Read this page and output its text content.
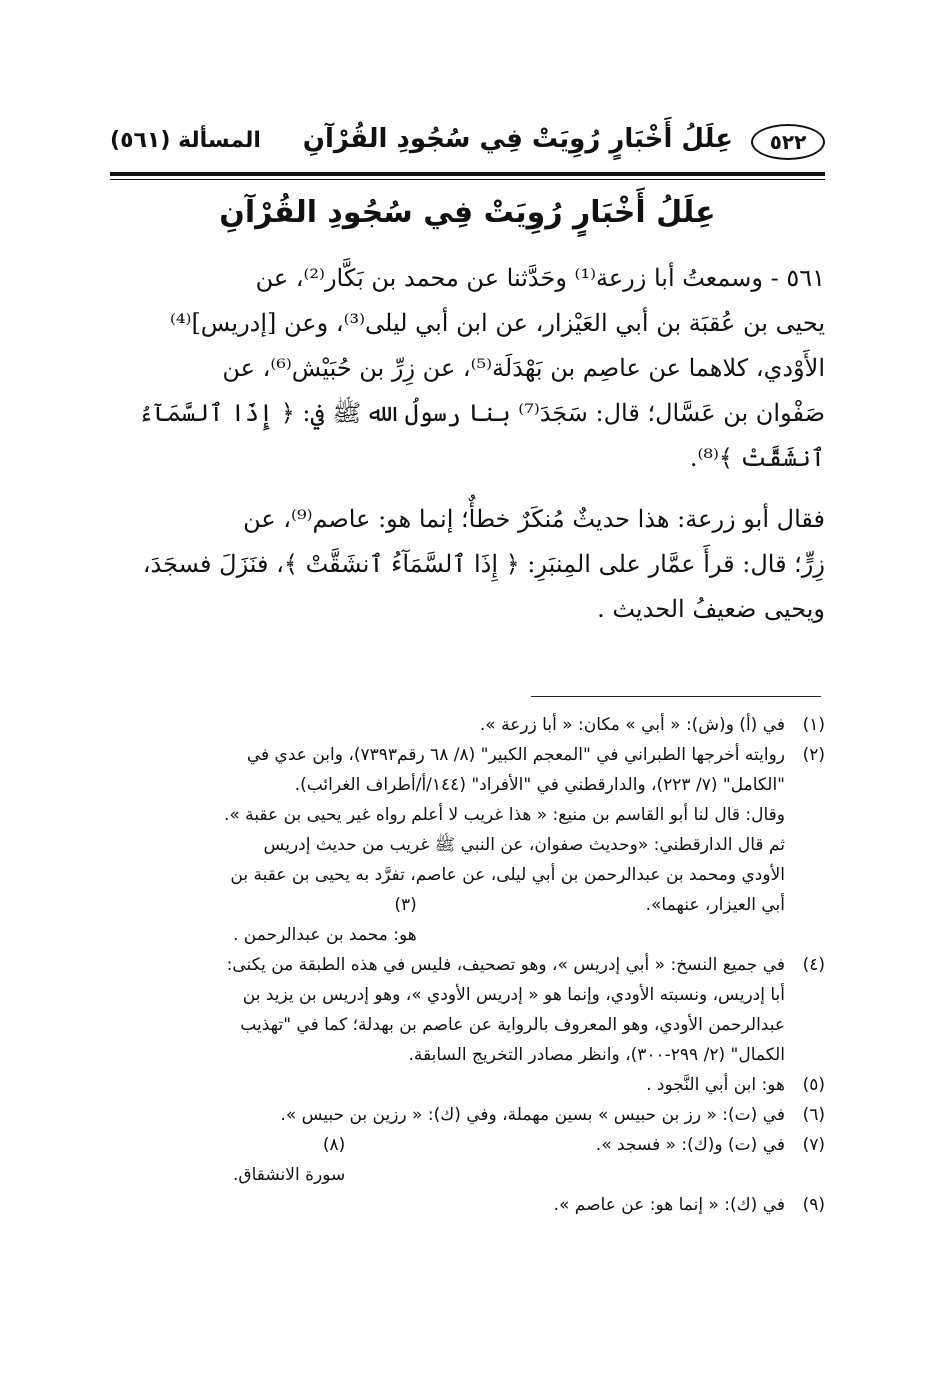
٥٢٢
عِلَلُ أَخْبَارٍ رُوِيَتْ فِي سُجُودِ القُرْآنِ
المسألة (٥٦١)
عِلَلُ أَخْبَارٍ رُوِيَتْ فِي سُجُودِ القُرْآنِ

٥٦١ - وسمعتُ أبا زرعة⁽¹⁾ وحَدَّثنا عن محمد بن بَكَّار⁽²⁾، عن
يحيى بن عُقبَة بن أبي العَيْزار، عن ابن أبي ليلى⁽³⁾، وعن [إدريس]⁽⁴⁾
الأَوْدي، كلاهما عن عاصِم بن بَهْدَلَة⁽⁵⁾، عن زِرِّ بن حُبَيْش⁽⁶⁾، عن
صَفْوان بن عَسَّال؛ قال: سَجَدَ⁽⁷⁾ بنا رسولُ الله ﷺ في: ﴿ إِذَا ٱلسَّمَآءُ
ٱنشَقَّتْ ﴾⁽⁸⁾.

فقال أبو زرعة: هذا حديثٌ مُنكَرٌ خطأٌ؛ إنما هو: عاصم⁽⁹⁾، عن
زِرٍّ؛ قال: قرأَ عمَّار على المِنبَرِ: ﴿ إِذَا ٱلسَّمَآءُ ٱنشَقَّتْ ﴾، فنَزَلَ فسجَدَ،
ويحيى ضعيفُ الحديث .

(١)
في (أ) و(ش): « أبي » مكان: « أبا زرعة ».
(٢)
روايته أخرجها الطبراني في "المعجم الكبير" (٨/ ٦٨ رقم٧٣٩٣)، وابن عدي في
"الكامل" (٧/ ٢٢٣)، والدارقطني في "الأفراد" (١٤٤/أ/أطراف الغرائب).
وقال: قال لنا أبو القاسم بن منيع: « هذا غريب لا أعلم رواه غير يحيى بن عقبة ».
ثم قال الدارقطني: «وحديث صفوان، عن النبي ﷺ غريب من حديث إدريس
الأودي ومحمد بن عبدالرحمن بن أبي ليلى، عن عاصم، تفرَّد به يحيى بن عقبة بن
أبي العيزار، عنهما».
(٣)
هو: محمد بن عبدالرحمن .
(٤)
في جميع النسخ: « أبي إدريس »، وهو تصحيف، فليس في هذه الطبقة من يكنى:
أبا إدريس، ونسبته الأودي، وإنما هو « إدريس الأودي »، وهو إدريس بن يزيد بن
عبدالرحمن الأودي، وهو المعروف بالرواية عن عاصم بن بهدلة؛ كما في "تهذيب
الكمال" (٢/ ٢٩٩-٣٠٠)، وانظر مصادر التخريج السابقة.
(٥)
هو: ابن أبي النَّجود .
(٦)
في (ت): « رز بن حبيس » بسين مهملة، وفي (ك): « رزين بن حبيس ».
(٧)
في (ت) و(ك): « فسجد ».
(٨)
سورة الانشقاق.
(٩)
في (ك): « إنما هو: عن عاصم ».
